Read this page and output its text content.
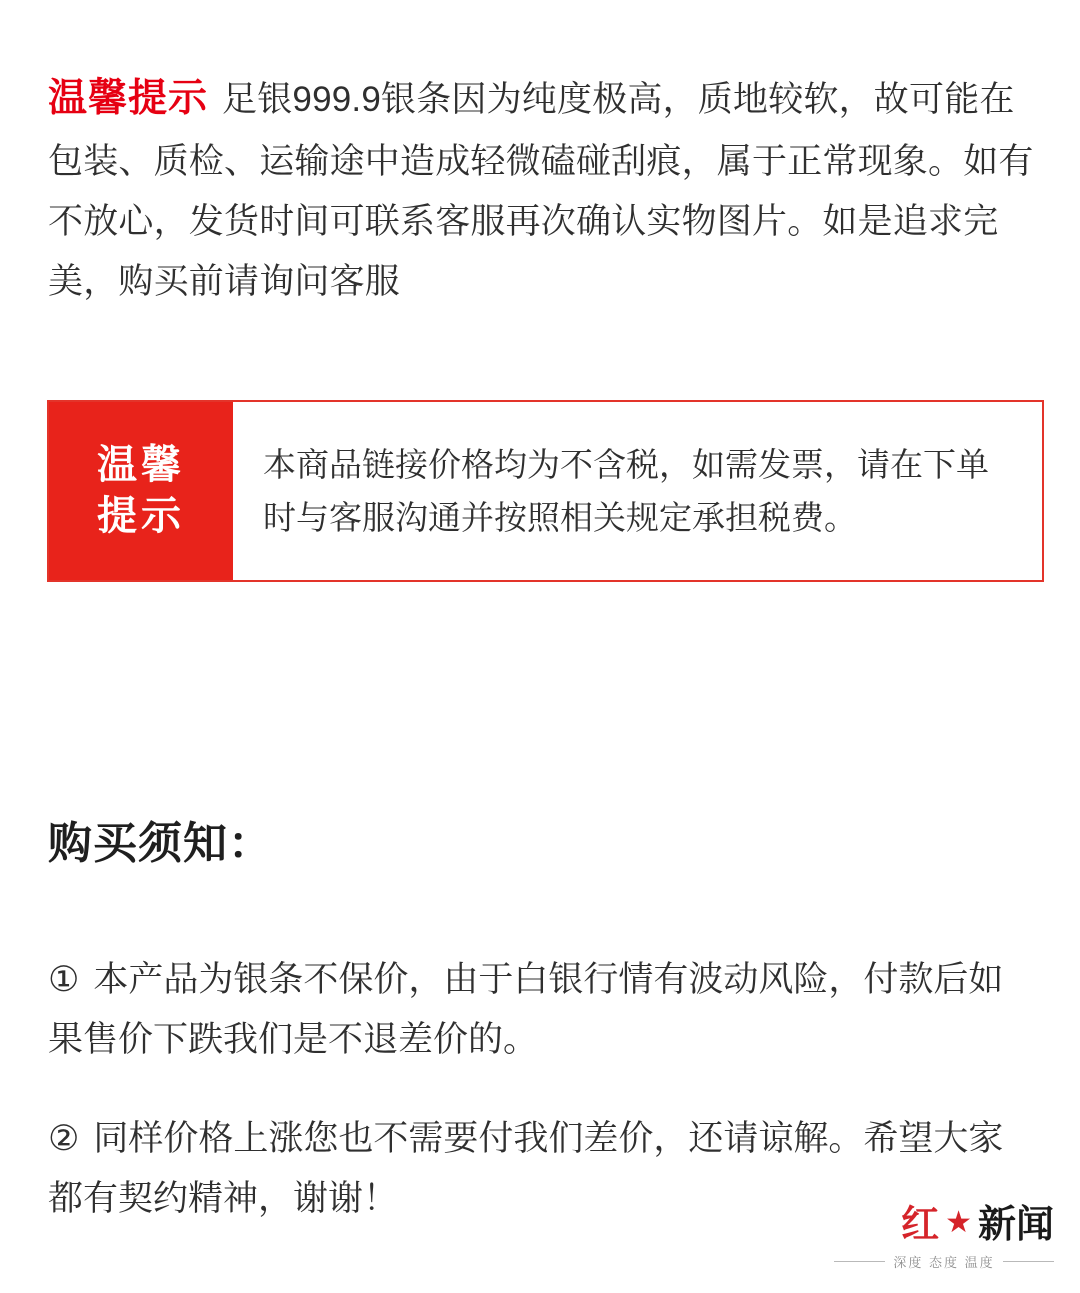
温馨提示 足银999.9银条因为纯度极高，质地较软，故可能在包装、质检、运输途中造成轻微磕碰刮痕，属于正常现象。如有不放心，发货时间可联系客服再次确认实物图片。如是追求完美，购买前请询问客服

温馨
提示
本商品链接价格均为不含税，如需发票，请在下单时与客服沟通并按照相关规定承担税费。
购买须知：

① 本产品为银条不保价，由于白银行情有波动风险，付款后如果售价下跌我们是不退差价的。

② 同样价格上涨您也不需要付我们差价，还请谅解。希望大家都有契约精神，谢谢！

红 ★ 新闻
深度 态度 温度
